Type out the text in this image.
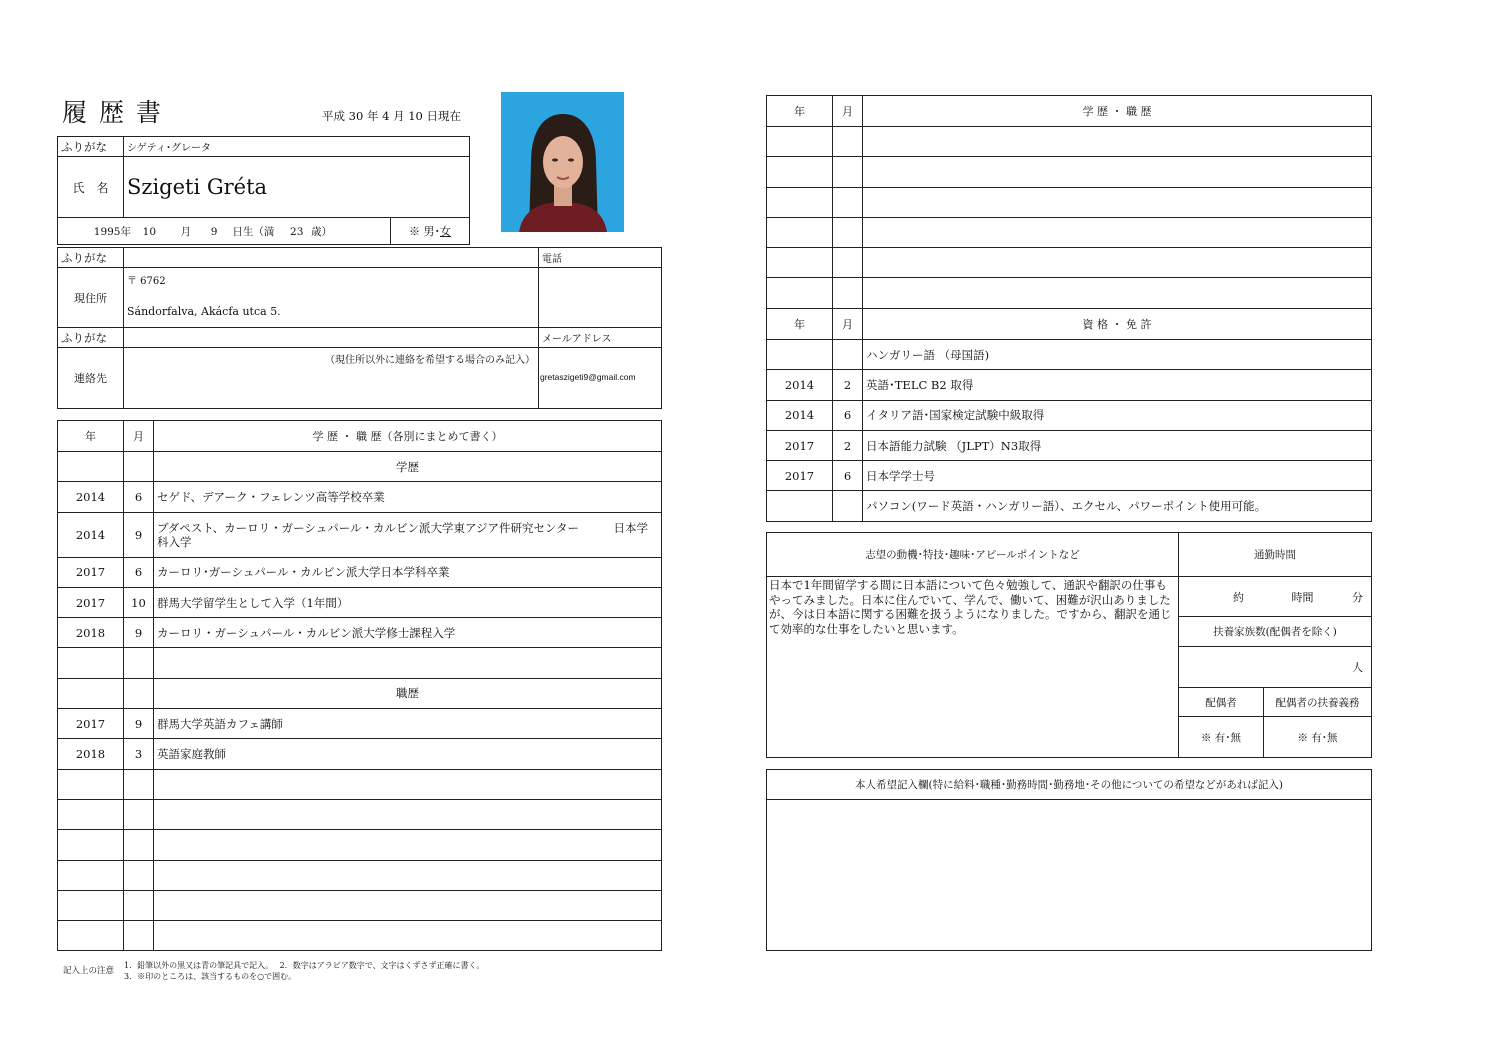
履 歴 書	平成 30 年 4 月 10 日現在
ふりがな	シゲティ･グレータ	
氏　名	Szigeti Gréta	
1995年 10 月 9 日生（満 23 歳）		※ 男･女
ふりがな		電話
現住所	〒 6762
Sándorfalva, Akácfa utca 5.	

ふりがな		メールアドレス
連絡先	（現住所以外に連絡を希望する場合のみ記入）	gretaszigeti9@gmail.com
年	月	学 歴 ・ 職 歴（各別にまとめて書く）
		学歴
2014	6	セゲド、デアーク・フェレンツ高等学校卒業
2014	9	ブダペスト、カーロリ・ガーシュパール・カルビン派大学東アジア件研究センター　　　日本学科入学
2017	6	カーロリ･ガーシュパール・カルビン派大学日本学科卒業
2017	10	群馬大学留学生として入学（1年間）
2018	9	カーロリ・ガーシュパール・カルビン派大学修士課程入学

		職歴
2017	9	群馬大学英語カフェ講師
2018	3	英語家庭教師

記入上の注意
1．鉛筆以外の黒又は青の筆記具で記入。　 2．数字はアラビア数字で、文字はくずさず正確に書く。
3．※印のところは、該当するものを○で囲む。
年	月	学 歴 ・ 職 歴

年	月	資 格 ・ 免 許
		ハンガリー語 （母国語)
2014	2	英語･TELC B2 取得
2014	6	イタリア語･国家検定試験中級取得
2017	2	日本語能力試験 （JLPT）N3取得
2017	6	日本学学士号
		パソコン(ワード英語・ハンガリー語）、エクセル、パワーポイント使用可能。
志望の動機･特技･趣味･アピールポイントなど	通勤時間	
日本で1年間留学する間に日本語について色々勉強して、通訳や翻訳の仕事もやってみました。日本に住んでいて、学んで、働いて、困難が沢山ありましたが、今は日本語に関する困難を扱うようになりました。ですから、翻訳を通じて効率的な仕事をしたいと思います。	約 時間 分	
	扶養家族数(配偶者を除く)	
	人	
	配偶者	配偶者の扶養義務
	※ 有･無	※ 有･無
本人希望記入欄(特に給料･職種･勤務時間･勤務地･その他についての希望などがあれば記入)
